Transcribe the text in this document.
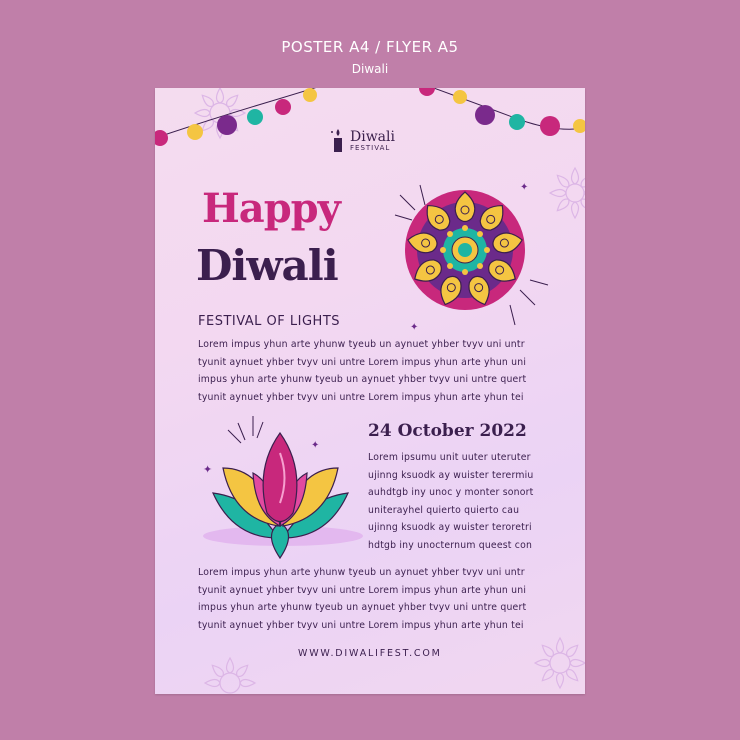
POSTER A4 / FLYER A5
Diwali
Diwali
FESTIVAL
Happy
Diwali
FESTIVAL OF LIGHTS	✦
✦
Lorem impus yhun arte yhunw tyeub un aynuet yhber tvyv uni untr
tyunit aynuet yhber tvyv uni untre Lorem impus yhun arte yhun uni
impus yhun arte yhunw tyeub un aynuet yhber tvyv uni untre quert
tyunit aynuet yhber tvyv uni untre Lorem impus yhun arte yhun tei
✦
✦
24 October 2022
Lorem ipsumu unit uuter uteruter
ujinng ksuodk ay wuister terermiu
auhdtgb iny unoc y monter sonort
uniterayhel quierto quierto cau
ujinng ksuodk ay wuister teroretri
hdtgb iny unocternum queest con
Lorem impus yhun arte yhunw tyeub un aynuet yhber tvyv uni untr
tyunit aynuet yhber tvyv uni untre Lorem impus yhun arte yhun uni
impus yhun arte yhunw tyeub un aynuet yhber tvyv uni untre quert
tyunit aynuet yhber tvyv uni untre Lorem impus yhun arte yhun tei
WWW.DIWALIFEST.COM
